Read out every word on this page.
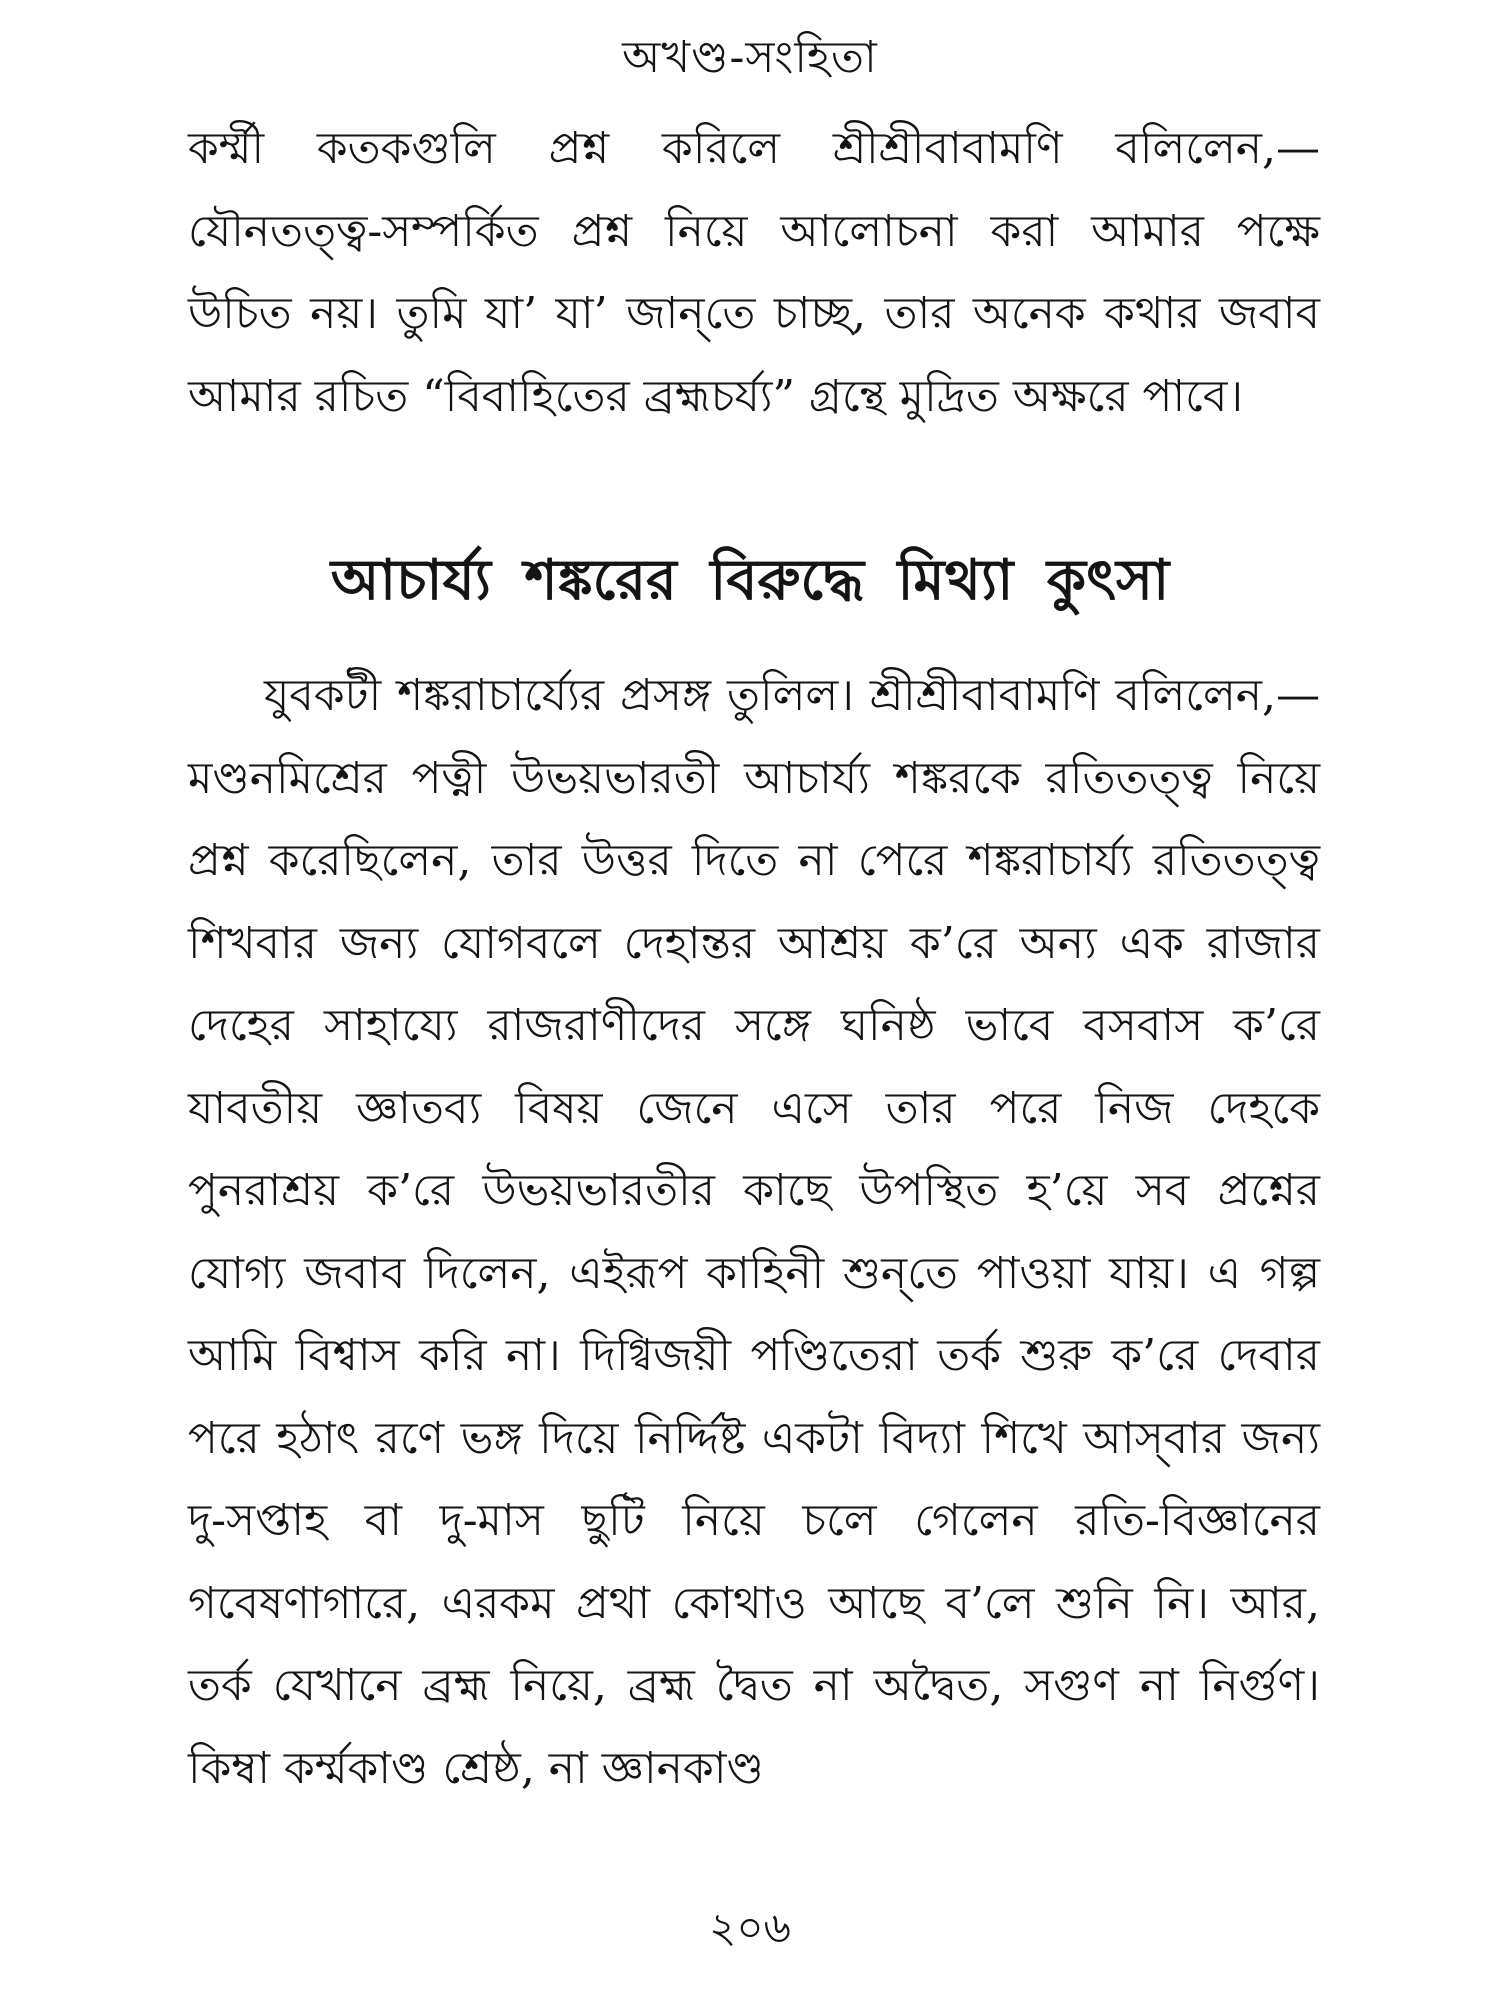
অখণ্ড-সংহিতা

কর্ম্মী কতকগুলি প্রশ্ন করিলে শ্রীশ্রীবাবামণি বলিলেন,— যৌনতত্ত্ব-সম্পর্কিত প্রশ্ন নিয়ে আলোচনা করা আমার পক্ষে উচিত নয়। তুমি যা’ যা’ জান্‌তে চাচ্ছ, তার অনেক কথার জবাব আমার রচিত “বিবাহিতের ব্রহ্মচর্য্য” গ্রন্থে মুদ্রিত অক্ষরে পাবে।

আচার্য্য শঙ্করের বিরুদ্ধে মিথ্যা কুৎসা

যুবকটী শঙ্করাচার্য্যের প্রসঙ্গ তুলিল। শ্রীশ্রীবাবামণি বলিলেন,—মণ্ডনমিশ্রের পত্নী উভয়ভারতী আচার্য্য শঙ্করকে রতিতত্ত্ব নিয়ে প্রশ্ন করেছিলেন, তার উত্তর দিতে না পেরে শঙ্করাচার্য্য রতিতত্ত্ব শিখবার জন্য যোগবলে দেহান্তর আশ্রয় ক’রে অন্য এক রাজার দেহের সাহায্যে রাজরাণীদের সঙ্গে ঘনিষ্ঠ ভাবে বসবাস ক’রে যাবতীয় জ্ঞাতব্য বিষয় জেনে এসে তার পরে নিজ দেহকে পুনরাশ্রয় ক’রে উভয়ভারতীর কাছে উপস্থিত হ’য়ে সব প্রশ্নের যোগ্য জবাব দিলেন, এইরূপ কাহিনী শুন্‌তে পাওয়া যায়। এ গল্প আমি বিশ্বাস করি না। দিগ্বিজয়ী পণ্ডিতেরা তর্ক শুরু ক’রে দেবার পরে হঠাৎ রণে ভঙ্গ দিয়ে নির্দ্দিষ্ট একটা বিদ্যা শিখে আস্‌বার জন্য দু-সপ্তাহ বা দু-মাস ছুটি নিয়ে চলে গেলেন রতি-বিজ্ঞানের গবেষণাগারে, এরকম প্রথা কোথাও আছে ব’লে শুনি নি। আর, তর্ক যেখানে ব্রহ্ম নিয়ে, ব্রহ্ম দ্বৈত না অদ্বৈত, সগুণ না নির্গুণ। কিম্বা কর্ম্মকাণ্ড শ্রেষ্ঠ, না জ্ঞানকাণ্ড

২০৬
